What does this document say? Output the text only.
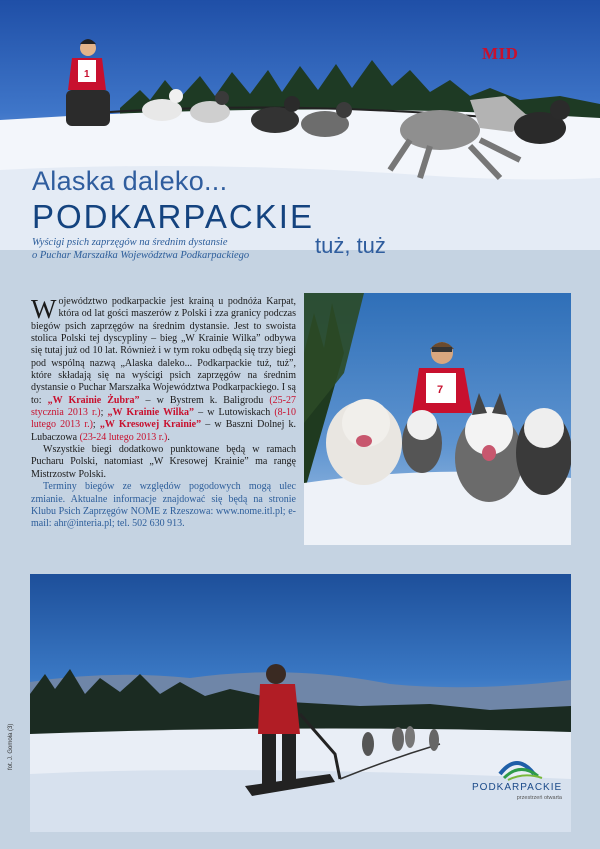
1
MID
Alaska daleko...
PODKARPACKIE
tuż, tuż
Wyścigi psich zaprzęgów na średnim dystansie
o Puchar Marszałka Województwa Podkarpackiego

Województwo podkarpackie jest krainą u podnóża Karpat, która od lat gości maszerów z Polski i zza granicy podczas biegów psich zaprzęgów na średnim dystansie. Jest to swoista stolica Polski tej dyscypliny – bieg „W Krainie Wilka” odbywa się tutaj już od 10 lat. Również i w tym roku odbędą się trzy biegi pod wspólną nazwą „Alaska daleko... Podkarpackie tuż, tuż”, które składają się na wyścigi psich zaprzęgów na średnim dystansie o Puchar Marszałka Województwa Podkarpackiego. I są to: „W Krainie Żubra” – w Bystrem k. Baligrodu (25-27 stycznia 2013 r.); „W Krainie Wilka” – w Lutowiskach (8-10 lutego 2013 r.); „W Kresowej Krainie” – w Baszni Dolnej k. Lubaczowa (23-24 lutego 2013 r.).

Wszystkie biegi dodatkowo punktowane będą w ramach Pucharu Polski, natomiast „W Kresowej Krainie” ma rangę Mistrzostw Polski.

Terminy biegów ze względów pogodowych mogą ulec zmianie. Aktualne informacje znajdować się będą na stronie Klubu Psich Zaprzęgów NOME z Rzeszowa: www.nome.itl.pl; e-mail: ahr@interia.pl; tel. 502 630 913.

7
fot. J. Gomoła (3)
PODKARPACKIE
przestrzeń otwarta
